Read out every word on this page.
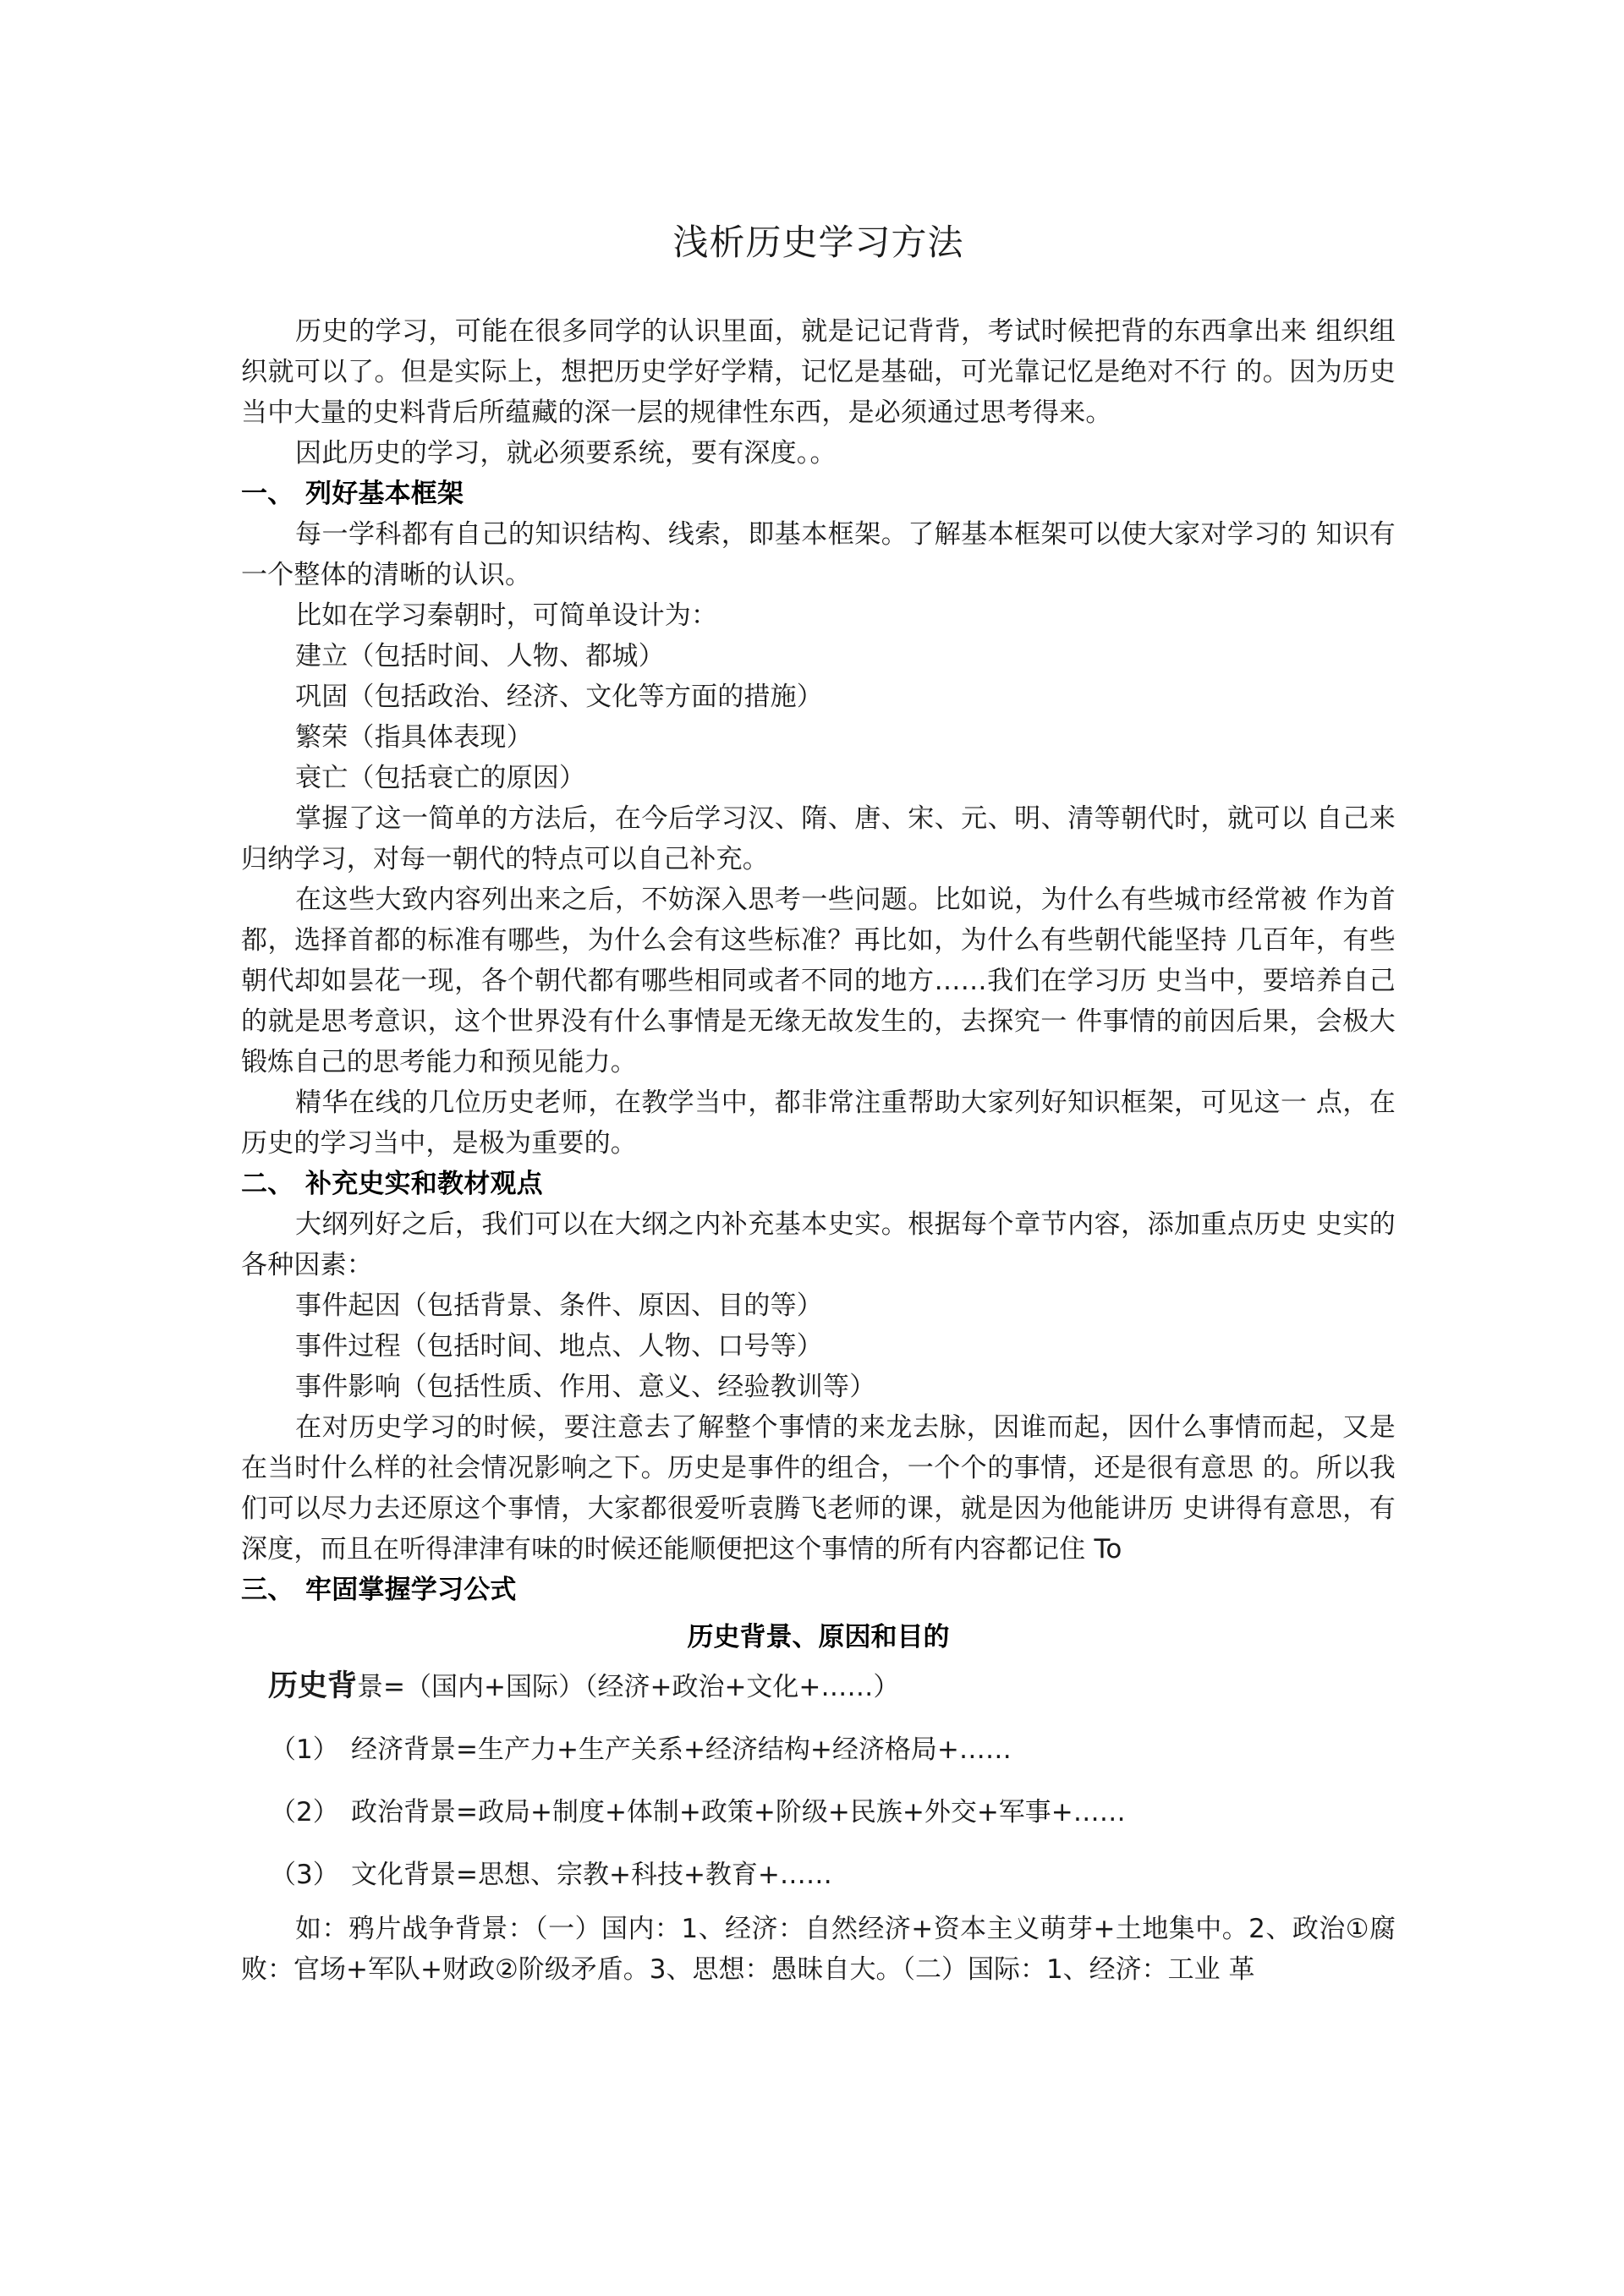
浅析历史学习方法

历史的学习，可能在很多同学的认识里面，就是记记背背，考试时候把背的东西拿出来 组织组织就可以了。但是实际上，想把历史学好学精，记忆是基础，可光靠记忆是绝对不行 的。因为历史当中大量的史料背后所蕴藏的深一层的规律性东西，是必须通过思考得来。

因此历史的学习，就必须要系统，要有深度。。

一、 列好基本框架

每一学科都有自己的知识结构、线索，即基本框架。了解基本框架可以使大家对学习的 知识有一个整体的清晰的认识。

比如在学习秦朝时，可简单设计为：

建立（包括时间、人物、都城）

巩固（包括政治、经济、文化等方面的措施）

繁荣（指具体表现）

衰亡（包括衰亡的原因）

掌握了这一简单的方法后，在今后学习汉、隋、唐、宋、元、明、清等朝代时，就可以 自己来归纳学习，对每一朝代的特点可以自己补充。

在这些大致内容列出来之后，不妨深入思考一些问题。比如说，为什么有些城市经常被 作为首都，选择首都的标准有哪些，为什么会有这些标准？再比如，为什么有些朝代能坚持 几百年，有些朝代却如昙花一现，各个朝代都有哪些相同或者不同的地方……我们在学习历 史当中，要培养自己的就是思考意识，这个世界没有什么事情是无缘无故发生的，去探究一 件事情的前因后果，会极大锻炼自己的思考能力和预见能力。

精华在线的几位历史老师，在教学当中，都非常注重帮助大家列好知识框架，可见这一 点，在历史的学习当中，是极为重要的。

二、 补充史实和教材观点

大纲列好之后，我们可以在大纲之内补充基本史实。根据每个章节内容，添加重点历史 史实的各种因素：

事件起因（包括背景、条件、原因、目的等）

事件过程（包括时间、地点、人物、口号等）

事件影响（包括性质、作用、意义、经验教训等）

在对历史学习的时候，要注意去了解整个事情的来龙去脉，因谁而起，因什么事情而起，又是在当时什么样的社会情况影响之下。历史是事件的组合，一个个的事情，还是很有意思 的。所以我们可以尽力去还原这个事情，大家都很爱听袁腾飞老师的课，就是因为他能讲历 史讲得有意思，有深度，而且在听得津津有味的时候还能顺便把这个事情的所有内容都记住 To

三、 牢固掌握学习公式

历史背景、原因和目的

历史背景=（国内+国际）（经济+政治+文化+……）

（1） 经济背景=生产力+生产关系+经济结构+经济格局+……

（2） 政治背景=政局+制度+体制+政策+阶级+民族+外交+军事+……

（3） 文化背景=思想、宗教+科技+教育+……

如：鸦片战争背景：（一）国内：1、经济：自然经济+资本主义萌芽+土地集中。2、政治①腐败：官场+军队+财政②阶级矛盾。3、思想：愚昧自大。（二）国际：1、经济：工业 革
